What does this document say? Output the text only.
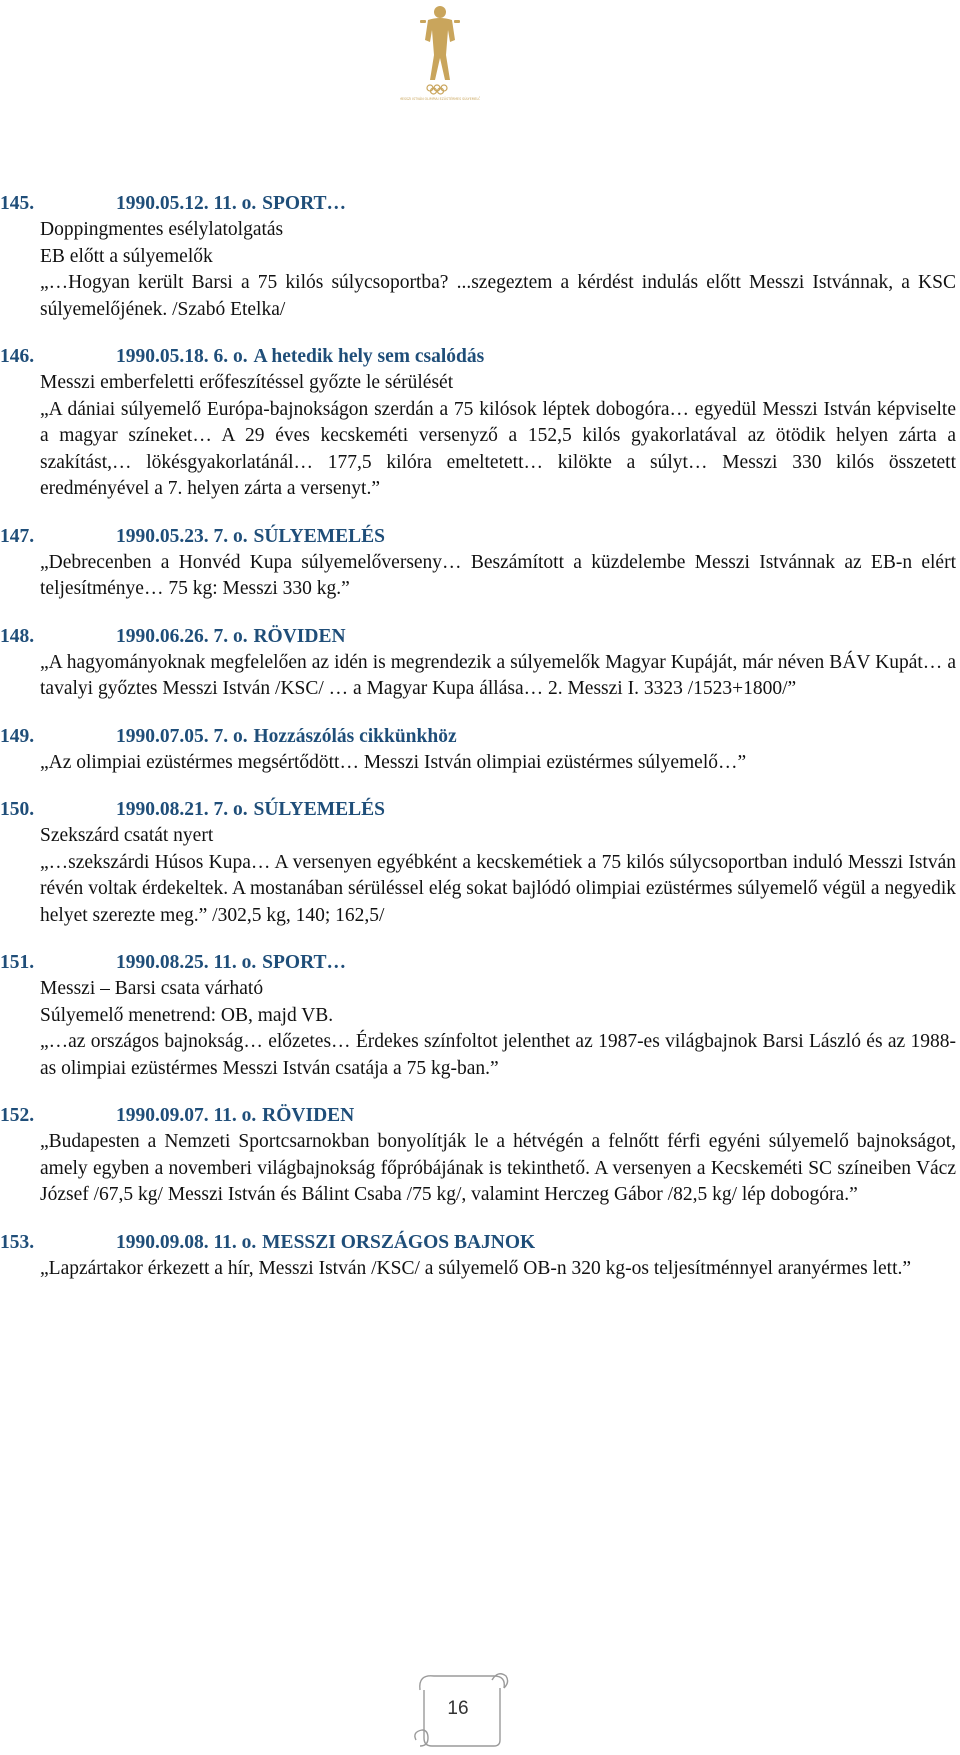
MESSZI ISTVÁN OLIMPIAI EZÜSTÉRMES SÚLYEMELŐ
145.	1990.05.12. 11. o. SPORT…
Doppingmentes esélylatolgatás
EB előtt a súlyemelők
„…Hogyan került Barsi a 75 kilós súlycsoportba? ...szegeztem a kérdést indulás előtt Messzi Istvánnak, a KSC súlyemelőjének. /Szabó Etelka/
146.	1990.05.18. 6. o. A hetedik hely sem csalódás
Messzi emberfeletti erőfeszítéssel győzte le sérülését
„A dániai súlyemelő Európa-bajnokságon szerdán a 75 kilósok léptek dobogóra… egyedül Messzi István képviselte a magyar színeket… A 29 éves kecskeméti versenyző a 152,5 kilós gyakorlatával az ötödik helyen zárta a szakítást,… lökésgyakorlatánál… 177,5 kilóra emeltetett… kilökte a súlyt… Messzi 330 kilós összetett eredményével a 7. helyen zárta a versenyt.”
147.	1990.05.23. 7. o. SÚLYEMELÉS
„Debrecenben a Honvéd Kupa súlyemelőverseny… Beszámított a küzdelembe Messzi Istvánnak az EB-n elért teljesítménye… 75 kg: Messzi 330 kg.”
148.	1990.06.26. 7. o. RÖVIDEN
„A hagyományoknak megfelelően az idén is megrendezik a súlyemelők Magyar Kupáját, már néven BÁV Kupát… a tavalyi győztes Messzi István /KSC/ … a Magyar Kupa állása… 2. Messzi I. 3323 /1523+1800/”
149.	1990.07.05. 7. o. Hozzászólás cikkünkhöz
„Az olimpiai ezüstérmes megsértődött… Messzi István olimpiai ezüstérmes súlyemelő…”
150.	1990.08.21. 7. o. SÚLYEMELÉS
Szekszárd csatát nyert
„…szekszárdi Húsos Kupa… A versenyen egyébként a kecskemétiek a 75 kilós súlycsoportban induló Messzi István révén voltak érdekeltek. A mostanában sérüléssel elég sokat bajlódó olimpiai ezüstérmes súlyemelő végül a negyedik helyet szerezte meg.” /302,5 kg, 140; 162,5/
151.	1990.08.25. 11. o. SPORT…
Messzi – Barsi csata várható
Súlyemelő menetrend: OB, majd VB.
„…az országos bajnokság… előzetes… Érdekes színfoltot jelenthet az 1987-es világbajnok Barsi László és az 1988-as olimpiai ezüstérmes Messzi István csatája a 75 kg-ban.”
152.	1990.09.07. 11. o. RÖVIDEN
„Budapesten a Nemzeti Sportcsarnokban bonyolítják le a hétvégén a felnőtt férfi egyéni súlyemelő bajnokságot, amely egyben a novemberi világbajnokság főpróbájának is tekinthető. A versenyen a Kecskeméti SC színeiben Vácz József /67,5 kg/ Messzi István és Bálint Csaba /75 kg/, valamint Herczeg Gábor /82,5 kg/ lép dobogóra.”
153.	1990.09.08. 11. o. MESSZI ORSZÁGOS BAJNOK
„Lapzártakor érkezett a hír, Messzi István /KSC/ a súlyemelő OB-n 320 kg-os teljesítménnyel aranyérmes lett.”
16
